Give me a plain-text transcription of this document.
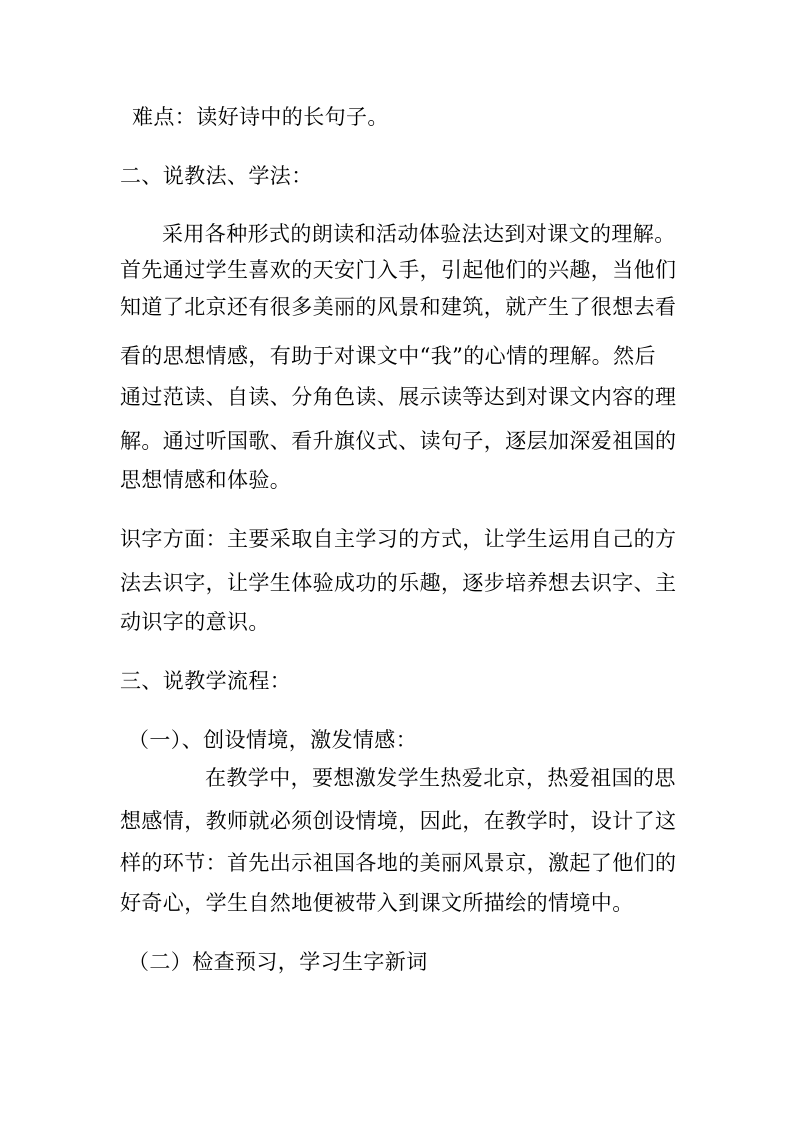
难点：读好诗中的长句子。
二、说教法、学法：
采用各种形式的朗读和活动体验法达到对课文的理解。
首先通过学生喜欢的天安门入手，引起他们的兴趣，当他们
知道了北京还有很多美丽的风景和建筑，就产生了很想去看
看的思想情感，有助于对课文中“我”的心情的理解。然后
通过范读、自读、分角色读、展示读等达到对课文内容的理
解。通过听国歌、看升旗仪式、读句子，逐层加深爱祖国的
思想情感和体验。
识字方面：主要采取自主学习的方式，让学生运用自己的方
法去识字，让学生体验成功的乐趣，逐步培养想去识字、主
动识字的意识。
三、说教学流程：
（一）、创设情境，激发情感：
在教学中，要想激发学生热爱北京，热爱祖国的思
想感情，教师就必须创设情境，因此，在教学时，设计了这
样的环节：首先出示祖国各地的美丽风景京，激起了他们的
好奇心，学生自然地便被带入到课文所描绘的情境中。
（二）检查预习，学习生字新词
